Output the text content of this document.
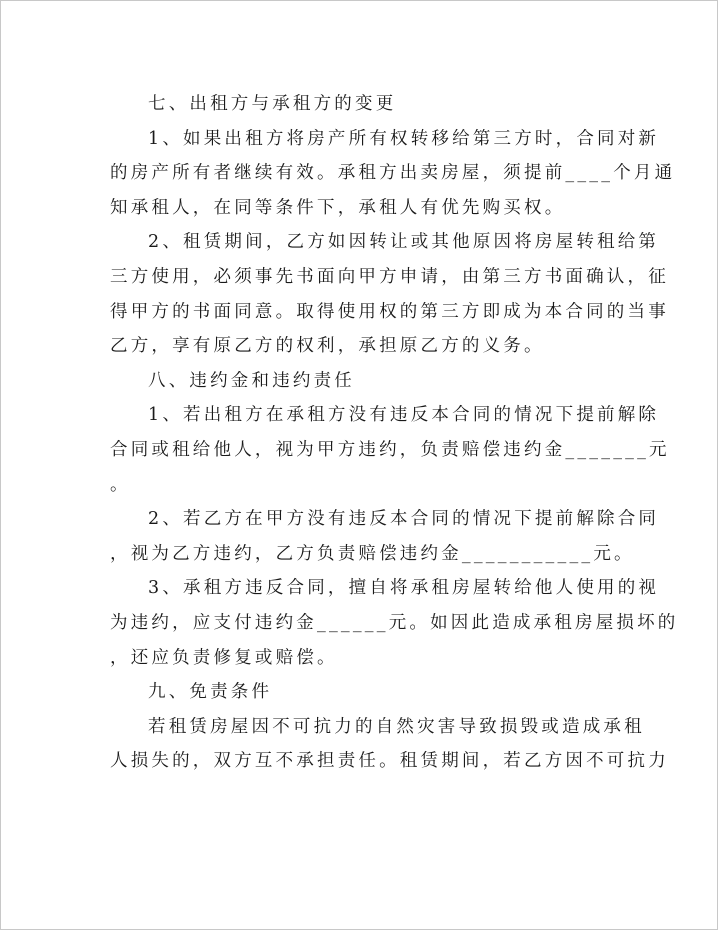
七、出租方与承租方的变更
1、如果出租方将房产所有权转移给第三方时，合同对新
的房产所有者继续有效。承租方出卖房屋，须提前____个月通
知承租人，在同等条件下，承租人有优先购买权。
2、租赁期间，乙方如因转让或其他原因将房屋转租给第
三方使用，必须事先书面向甲方申请，由第三方书面确认，征
得甲方的书面同意。取得使用权的第三方即成为本合同的当事
乙方，享有原乙方的权利，承担原乙方的义务。
八、违约金和违约责任
1、若出租方在承租方没有违反本合同的情况下提前解除
合同或租给他人，视为甲方违约，负责赔偿违约金_______元
。
2、若乙方在甲方没有违反本合同的情况下提前解除合同
，视为乙方违约，乙方负责赔偿违约金___________元。
3、承租方违反合同，擅自将承租房屋转给他人使用的视
为违约，应支付违约金______元。如因此造成承租房屋损坏的
，还应负责修复或赔偿。
九、免责条件
若租赁房屋因不可抗力的自然灾害导致损毁或造成承租
人损失的，双方互不承担责任。租赁期间，若乙方因不可抗力
